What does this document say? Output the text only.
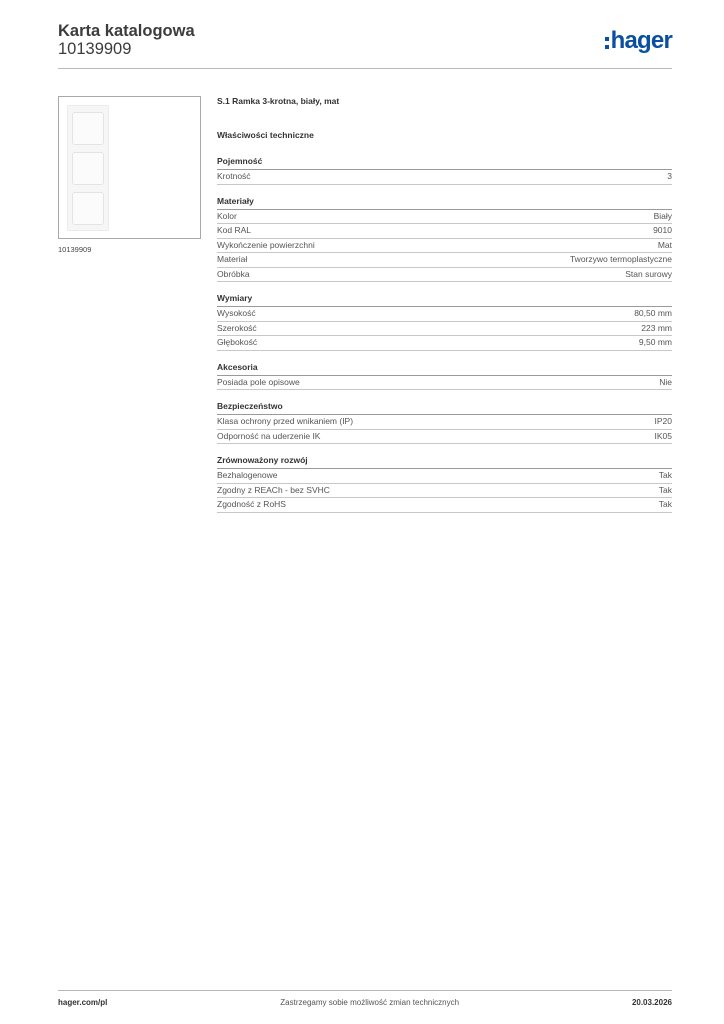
Karta katalogowa
10139909	hager
10139909
S.1 Ramka 3-krotna, biały, mat
Właściwości techniczne
Pojemność
Krotność	3
Materiały
Kolor	Biały
Kod RAL	9010
Wykończenie powierzchni	Mat
Materiał	Tworzywo termoplastyczne
Obróbka	Stan surowy
Wymiary
Wysokość	80,50 mm
Szerokość	223 mm
Głębokość	9,50 mm
Akcesoria
Posiada pole opisowe	Nie
Bezpieczeństwo
Klasa ochrony przed wnikaniem (IP)	IP20
Odporność na uderzenie IK	IK05
Zrównoważony rozwój
Bezhalogenowe	Tak
Zgodny z REACh - bez SVHC	Tak
Zgodność z RoHS	Tak
hager.com/pl	Zastrzegamy sobie możliwość zmian technicznych	20.03.2026
